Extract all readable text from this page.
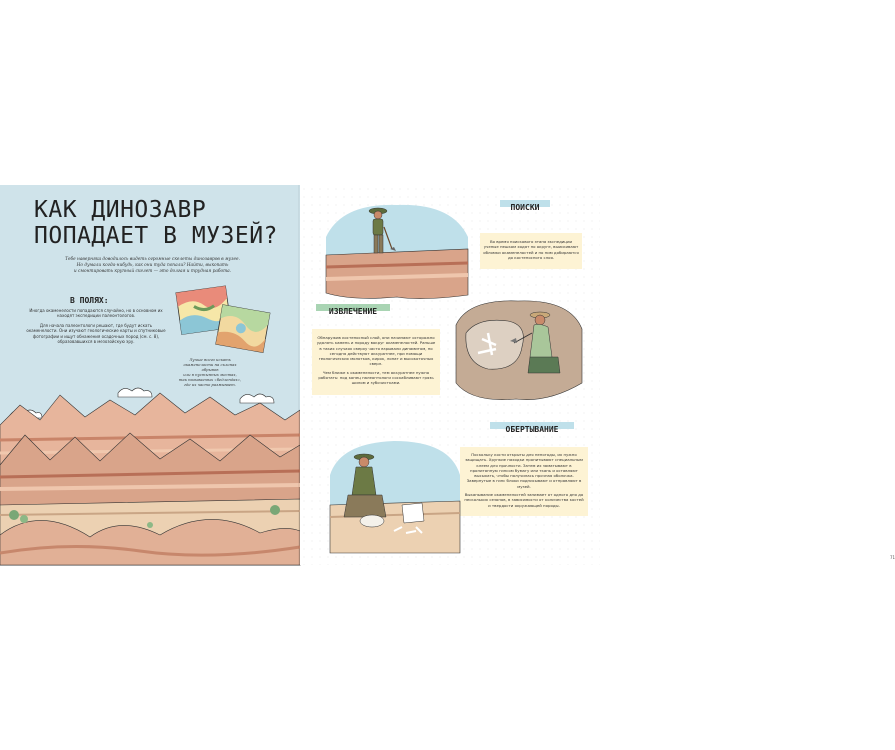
КАК ДИНОЗАВР
ПОПАДАЕТ В МУЗЕЙ?
Тебе наверняка доводилось видеть огромные скелеты динозавров в музее.
Но думали когда-нибудь, как они туда попали? Найти, выкопать
и смонтировать крупный скелет — это долгая и трудная работа.
В ПОЛЯХ:

Иногда окаменелости попадаются случайно, но в основном их находят экспедиции палеонтологов.

Для начала палеонтологи решают, где будут искать окаменелости. Они изучают геологические карты и спутниковые фотографии и ищут обнажения осадочных пород (см. с. 8), образовавшихся в мезозойскую эру.

Лучше всего искать
окаменелости на склонах обрывов
или в пустынных местах,
так называемых «бедлендах»,
где их часто размывает.
ПОИСКИ

Во время поискового этапа экспедиции ученые пешком ходят по округе, выискивают обломки окаменелостей и по ним добираются до костеносного слоя.

ИЗВЛЕЧЕНИЕ

Обнаружив костеносный слой, они начинают осторожно удалять камень и породу вокруг окаменелостей. Раньше в таких случаях сверху часто взрывали динамитом, но сегодня действуют аккуратнее, при помощи геологических молотков, кирок, лопат и высокоточных сверл.

Чем ближе к окаменелости, тем аккуратнее нужно работать: под конец палеонтологи соскабливают грязь шилом и зубочистками.

ОБЕРТЫВАНИЕ

Поскольку кости открыты для непогоды, их нужно защищать. Хрупкие находки пропитывают специальным клеем для прочности. Затем их заматывают в пропитанную гипсом бумагу или ткань и оставляют высыхать, чтобы получилась прочная оболочка. Завернутые в гипс блоки подписывают и отправляют в музей.

Выкапывание окаменелостей занимает от одного дня до нескольких сезонов, в зависимости от количества костей и твердости окружающей породы.

71
